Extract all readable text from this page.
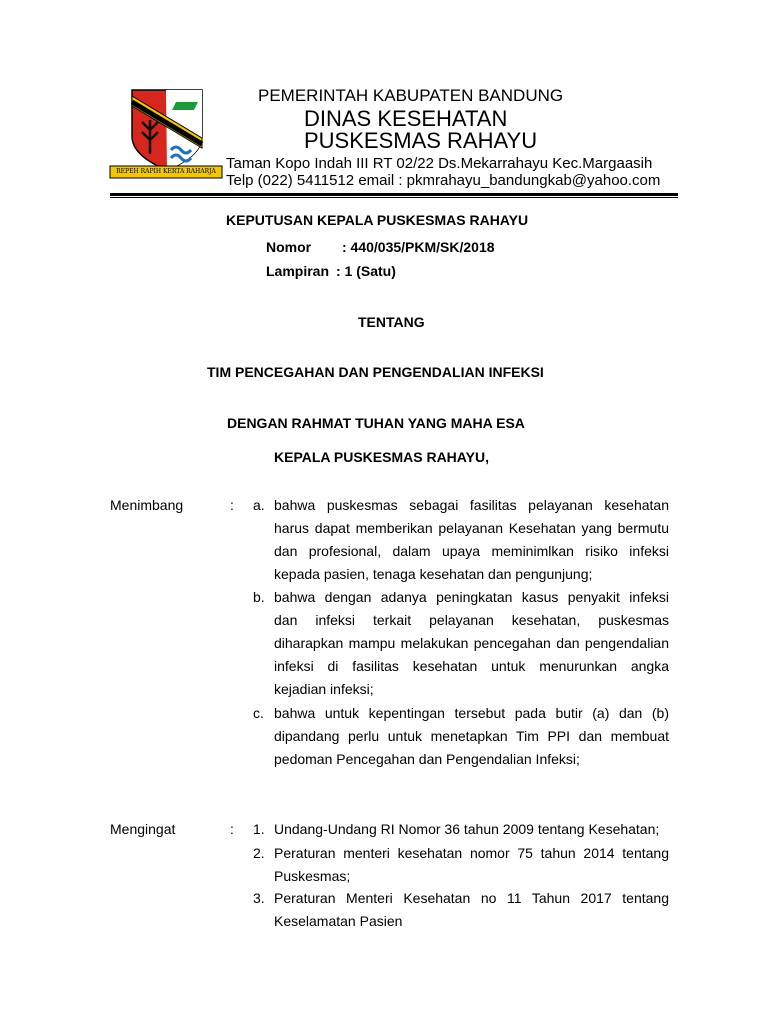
REPEH RAPIH KERTA RAHARJA
PEMERINTAH KABUPATEN BANDUNG
DINAS KESEHATAN
PUSKESMAS RAHAYU
Taman Kopo Indah III RT 02/22 Ds.Mekarrahayu Kec.Margaasih
Telp (022) 5411512 email : pkmrahayu_bandungkab@yahoo.com
KEPUTUSAN KEPALA PUSKESMAS RAHAYU
Nomor : 440/035/PKM/SK/2018
Lampiran : 1 (Satu)
TENTANG
TIM PENCEGAHAN DAN PENGENDALIAN INFEKSI
DENGAN RAHMAT TUHAN YANG MAHA ESA
KEPALA PUSKESMAS RAHAYU,
Menimbang	: a. bahwa puskesmas sebagai fasilitas pelayanan kesehatan
harus dapat memberikan pelayanan Kesehatan yang bermutu
dan profesional, dalam upaya meminimlkan risiko infeksi
kepada pasien, tenaga kesehatan dan pengunjung;
b. bahwa dengan adanya peningkatan kasus penyakit infeksi
dan infeksi terkait pelayanan kesehatan, puskesmas
diharapkan mampu melakukan pencegahan dan pengendalian
infeksi di fasilitas kesehatan untuk menurunkan angka
kejadian infeksi;
c. bahwa untuk kepentingan tersebut pada butir (a) dan (b)
dipandang perlu untuk menetapkan Tim PPI dan membuat
pedoman Pencegahan dan Pengendalian Infeksi;
Mengingat	: 1. Undang-Undang RI Nomor 36 tahun 2009 tentang Kesehatan;
2. Peraturan menteri kesehatan nomor 75 tahun 2014 tentang
Puskesmas;
3. Peraturan Menteri Kesehatan no 11 Tahun 2017 tentang
Keselamatan Pasien
